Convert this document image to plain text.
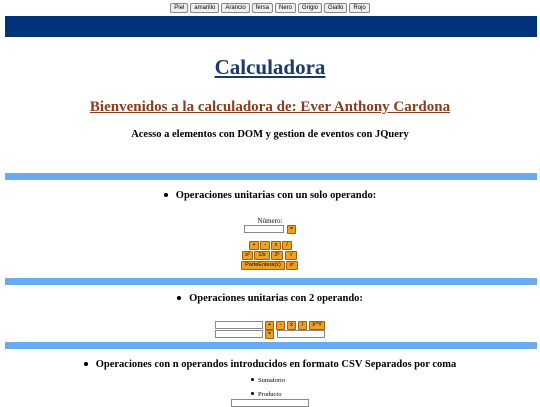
Piel amarillo Arancio fersa Nero Grigio Giallo Rojo
Calculadora
Bienvenidos a la calculadora de: Ever Anthony Cardona
Acesso a elementos con DOM y gestion de eventos con JQuery
Operaciones unitarias con un solo operando:
Número:
=
+	-	x	/
x²	1/x	2ˣ	√
ParteEntera(x)	xⁿ
Operaciones unitarias con 2 operando:
+	-	x	/	X^Y
=
Operaciones con n operandos introducidos en formato CSV Separados por coma
Sumatorio
Producto
